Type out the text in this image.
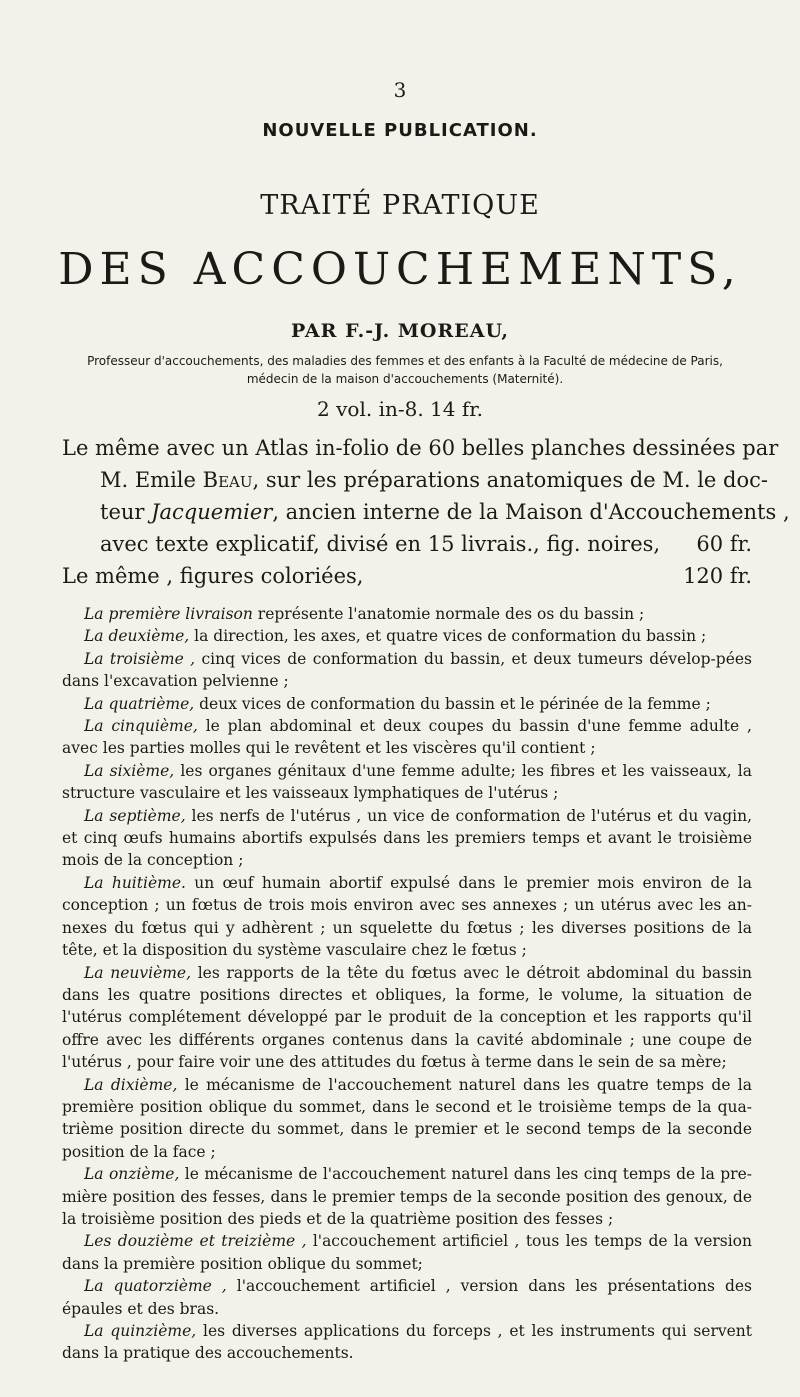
3
NOUVELLE PUBLICATION.
TRAITÉ PRATIQUE
DES ACCOUCHEMENTS,
PAR F.-J. MOREAU,
Professeur d'accouchements, des maladies des femmes et des enfants à la Faculté de médecine de Paris, médecin de la maison d'accouchements (Maternité).
2 vol. in-8. 14 fr.
Le même avec un Atlas in-folio de 60 belles planches dessinées par
M. Emile Beau, sur les préparations anatomiques de M. le doc-
teur Jacquemier, ancien interne de la Maison d'Accouchements ,
avec texte explicatif, divisé en 15 livrais., fig. noires, 60 fr.
Le même , figures coloriées,	120 fr.

La première livraison représente l'anatomie normale des os du bassin ;

La deuxième, la direction, les axes, et quatre vices de conformation du bassin ;

La troisième , cinq vices de conformation du bassin, et deux tumeurs dévelop-pées dans l'excavation pelvienne ;

La quatrième, deux vices de conformation du bassin et le périnée de la femme ;

La cinquième, le plan abdominal et deux coupes du bassin d'une femme adulte , avec les parties molles qui le revêtent et les viscères qu'il contient ;

La sixième, les organes génitaux d'une femme adulte; les fibres et les vaisseaux, la structure vasculaire et les vaisseaux lymphatiques de l'utérus ;

La septième, les nerfs de l'utérus , un vice de conformation de l'utérus et du vagin, et cinq œufs humains abortifs expulsés dans les premiers temps et avant le troisième mois de la conception ;

La huitième. un œuf humain abortif expulsé dans le premier mois environ de la conception ; un fœtus de trois mois environ avec ses annexes ; un utérus avec les an-nexes du fœtus qui y adhèrent ; un squelette du fœtus ; les diverses positions de la tête, et la disposition du système vasculaire chez le fœtus ;

La neuvième, les rapports de la tête du fœtus avec le détroit abdominal du bassin dans les quatre positions directes et obliques, la forme, le volume, la situation de l'utérus complétement développé par le produit de la conception et les rapports qu'il offre avec les différents organes contenus dans la cavité abdominale ; une coupe de l'utérus , pour faire voir une des attitudes du fœtus à terme dans le sein de sa mère;

La dixième, le mécanisme de l'accouchement naturel dans les quatre temps de la première position oblique du sommet, dans le second et le troisième temps de la qua-trième position directe du sommet, dans le premier et le second temps de la seconde position de la face ;

La onzième, le mécanisme de l'accouchement naturel dans les cinq temps de la pre-mière position des fesses, dans le premier temps de la seconde position des genoux, de la troisième position des pieds et de la quatrième position des fesses ;

Les douzième et treizième , l'accouchement artificiel , tous les temps de la version dans la première position oblique du sommet;

La quatorzième , l'accouchement artificiel , version dans les présentations des épaules et des bras.

La quinzième, les diverses applications du forceps , et les instruments qui servent dans la pratique des accouchements.
